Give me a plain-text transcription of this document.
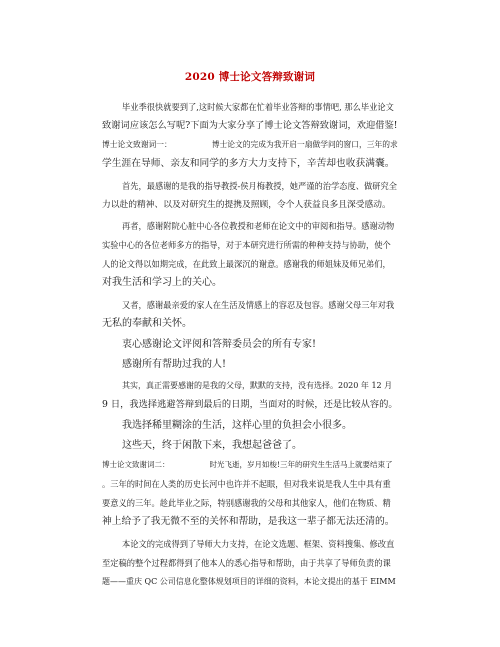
2020 博士论文答辩致谢词
毕业季很快就要到了,这时候大家都在忙着毕业答辩的事情吧, 那么毕业论文
致谢词应该怎么写呢?下面为大家分享了博士论文答辩致谢词，欢迎借鉴!
博士论文致谢词一：	博士论文的完成为我开启一扇做学问的窗口，三年的求
学生涯在导师、亲友和同学的多方大力支持下，辛苦却也收获满囊。
首先，最感谢的是我的指导教授-侯月梅教授，她严谨的治学态度、做研究全
力以赴的精神、以及对研究生的提携及照顾，令个人获益良多且深受感动。
再者，感谢附院心脏中心各位教授和老师在论文中的审阅和指导。感谢动物
实验中心的各位老师多方的指导，对于本研究进行所需的种种支持与协助，使个
人的论文得以如期完成，在此致上最深沉的谢意。感谢我的师姐妹及师兄弟们，
对我生活和学习上的关心。
又者，感谢最亲爱的家人在生活及情感上的容忍及包容。感谢父母三年对我
无私的奉献和关怀。
衷心感谢论文评阅和答辩委员会的所有专家!
感谢所有帮助过我的人!
其实，真正需要感谢的是我的父母，默默的支持，没有选择。2020 年 12 月
9 日，我选择逃避答辩到最后的日期，当面对的时候，还是比较从容的。
我选择稀里糊涂的生活，这样心里的负担会小很多。
这些天，终于闲散下来，我想起爸爸了。
博士论文致谢词二：	时光飞逝，岁月如梭!三年的研究生生活马上就要结束了
。三年的时间在人类的历史长河中也许并不起眼，但对我来说是我人生中具有重
要意义的三年。趁此毕业之际，特别感谢我的父母和其他家人，他们在物质、精
神上给予了我无微不至的关怀和帮助，是我这一辈子都无法还清的。
本论文的完成得到了导师大力支持，在论文选题、框架、资料搜集、修改直
至定稿的整个过程都得到了他本人的悉心指导和帮助，由于共享了导师负责的课
题——重庆 QC 公司信息化整体规划项目的详细的资料，本论文提出的基于 EIMM
